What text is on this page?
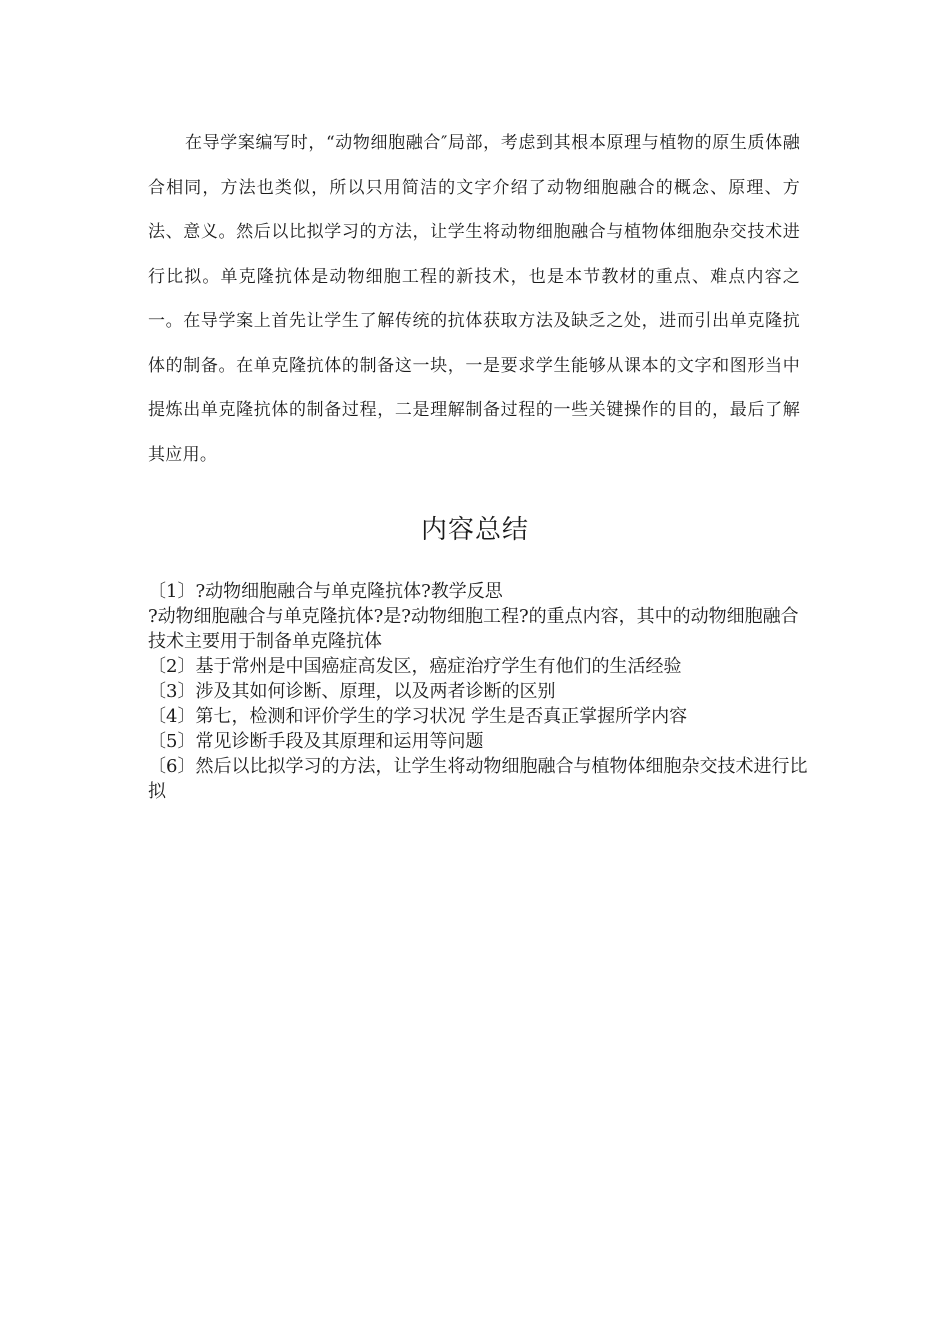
在导学案编写时，“动物细胞融合″局部，考虑到其根本原理与植物的原生质体融合相同，方法也类似，所以只用简洁的文字介绍了动物细胞融合的概念、原理、方法、意义。然后以比拟学习的方法，让学生将动物细胞融合与植物体细胞杂交技术进行比拟。单克隆抗体是动物细胞工程的新技术，也是本节教材的重点、难点内容之一。在导学案上首先让学生了解传统的抗体获取方法及缺乏之处，进而引出单克隆抗体的制备。在单克隆抗体的制备这一块，一是要求学生能够从课本的文字和图形当中提炼出单克隆抗体的制备过程，二是理解制备过程的一些关键操作的目的，最后了解其应用。
内容总结
〔1〕?动物细胞融合与单克隆抗体?教学反思
?动物细胞融合与单克隆抗体?是?动物细胞工程?的重点内容，其中的动物细胞融合技术主要用于制备单克隆抗体
〔2〕基于常州是中国癌症高发区，癌症治疗学生有他们的生活经验
〔3〕涉及其如何诊断、原理，以及两者诊断的区别
〔4〕第七，检测和评价学生的学习状况 学生是否真正掌握所学内容
〔5〕常见诊断手段及其原理和运用等问题
〔6〕然后以比拟学习的方法，让学生将动物细胞融合与植物体细胞杂交技术进行比拟
